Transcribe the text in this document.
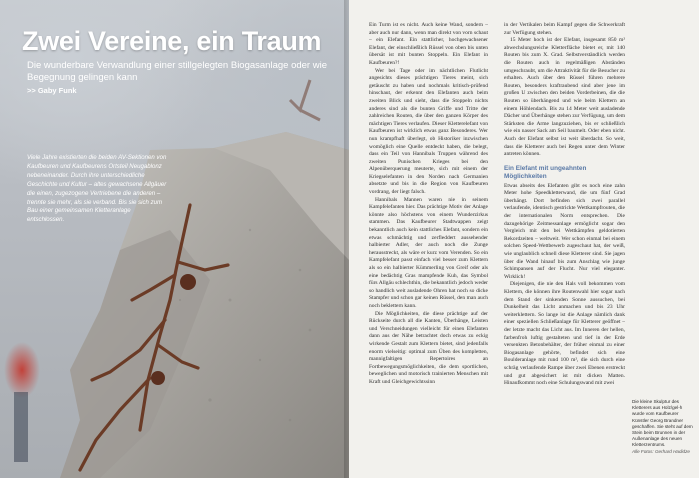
Zwei Vereine, ein Traum

Die wunderbare Verwandlung einer stillgelegten Biogasanlage oder wie Begegnung gelingen kann

>> Gaby Funk

Viele Jahre existierten die beiden AV-Sektionen von Kaufbeuren und Kaufbeurens Ortsteil Neugablonz nebeneinander. Durch ihre unterschiedliche Geschichte und Kultur – altes gewachsene Allgäuer die einen, zugezogene Vertriebene die anderen – trennte sie mehr, als sie verband. Bis sie sich zum Bau einer gemeinsamen Kletteranlage entschlossen.

Ein Turm ist es nicht. Auch keine Wand, sondern – aber auch nur dann, wenn man direkt von vorn schaut – ein Elefant. Ein stattlicher, hochgewachsener Elefant, der einschließlich Rüssel von oben bis unten übersät ist mit bunten Stoppeln. Ein Elefant in Kaufbeuren?!

Wer bei Tage oder im nächtlichen Flutlicht angesichts dieses prächtigen Tieres meint, sich getäuscht zu haben und nochmals kritisch-prüfend hinschaut, der erkennt den Elefanten auch beim zweiten Blick und sieht, dass die Stoppeln nichts anderes sind als die bunten Griffe und Tritte der zahlreichen Routen, die über den ganzen Körper des mächtigen Tieres verlaufen. Dieser Kletterelefant von Kaufbeuren ist wirklich etwas ganz Besonderes. Wer nun krampfhaft überlegt, ob Historiker inzwischen womöglich eine Quelle entdeckt haben, die belegt, dass ein Teil von Hannibals Truppen während des zweiten Punischen Krieges bei den Alpenüberquerung meuterte, sich mit einem der Kriegselefanten in den Norden nach Germanien absetzte und bis in die Region von Kaufbeuren vordrang, der liegt falsch.

Hannibals Mannen waren nie in seinem Kampfelefanten hier. Das prächtige Motiv der Anlage könnte also höchstens von einem Wunderzirkus stammen. Das Kaufbeurer Stadtwappen zeigt bekanntlich auch kein stattliches Elefant, sondern ein etwas schmächtig und zerfleddert aussehender halbierter Adler, der auch noch die Zunge herausstreckt, als wäre er kurz vom Verenden. So ein Kampfelefant passt einfach viel besser zum Klettern als so ein halbierter Kümmerling von Greif oder als eine bedächtig Gras mampfende Kuh, das Symbol fürs Allgäu schlechthin, die bekanntlich jedoch weder so handlich weit ausladende Ohren hat noch so dicke Stampfer und schon gar keinen Rüssel, den man auch noch beklettern kann.

Die Möglichkeiten, die diese prächtige auf der Rückseite durch all die Kanten, Überhänge, Leisten und Verschneidungen vielleicht für einen Elefanten dann aus der Nähe betrachtet doch etwas zu eckig wirkende Gestalt zum Klettern bietet, sind jedenfalls enorm vielseitig: optimal zum Üben des kompletten, mannigfaltigen Repertoires an Fortbewegungsmöglichkeiten, die dem sportlichen, beweglichen und motorisch trainierten Menschen mit Kraft und Gleichgewichtssinn

in der Vertikalen beim Kampf gegen die Schwerkraft zur Verfügung stehen.

15 Meter hoch ist der Elefant, insgesamt 850 m² abwechslungsreiche Kletterfläche bietet er, mit 140 Routen bis zum X. Grad. Selbstverständlich werden die Routen auch in regelmäßigen Abständen umgeschraubt, um die Attraktivität für die Besucher zu erhalten. Auch über den Rüssel führen mehrere Routen, besonders kraftraubend sind aber jene im großen U zwischen den beiden Vorderbeinen, die die Routen so überhängend und wie beim Klettern an einem Höhlendach. Bis zu 14 Meter weit ausladende Dächer und Überhänge stehen zur Verfügung, um dem Stärksten die Arme langzuziehen, bis er schließlich wie ein nasser Sack am Seil baumelt. Oder eben nicht. Auch der Elefant selbst ist weit überdacht. So weit, dass die Kletterer auch bei Regen unter dem Winter antreten können.

Ein Elefant mit ungeahnten Möglichkeiten

Etwas abseits des Elefanten gibt es noch eine zahn Meter hohe Speedkletterwand, die um fünf Grad überhängt. Dort befinden sich zwei parallel verlaufende, identisch gestrickte Wettkampfrouten, die der internationalen Norm entsprechen. Die dazugehörige Zeitmessanlage ermöglicht sogar den Vergleich mit den bei Wettkämpfen geldotierten Rekordzeiten – weltweit. Wer schon einmal bei einem solchen Speed-Wettbewerb zugeschaut hat, der weiß, wie unglaublich schnell diese Kletterer sind. Sie jagen über die Wand hinauf bis zum Anschlag wie junge Schimpansen auf der Flucht. Nur viel eleganter. Wirklich!

Diejenigen, die nie den Hals voll bekommen vom Klettern, die können ihre Routenwahl hier sogar nach dem Stand der sinkenden Sonne aussuchen, bei Dunkelheit das Licht anmachen und bis 23 Uhr weiterklettern. So lange ist die Anlage nämlich dank einer speziellen Schließanlage für Kletterer geöffnet – der letzte macht das Licht aus. Im Inneren der hellen, farbenfroh luftig gestalteten und tief in der Erde versenkten Betonbehälter, der früher einmal zu einer Biogasanlage gehörte, befindet sich eine Boulderanlage mit rund 100 m², die sich durch eine schräg verlaufende Rampe über zwei Ebenen erstreckt und gut abgesichert ist mit dicken Matten. Hinaufkommt noch eine Schulungswand mit zwei

Die kleine Skulptur des Kletterers aus Holz/gel-h wurde vom Kaufbeurer Künstler Georg Brandner geschaffen. Sie steht auf dem Stein beim Brunnen in der Außenanlage des neuen Kletterzentrums.

Alle Fotos: Gerhard Hadidze
